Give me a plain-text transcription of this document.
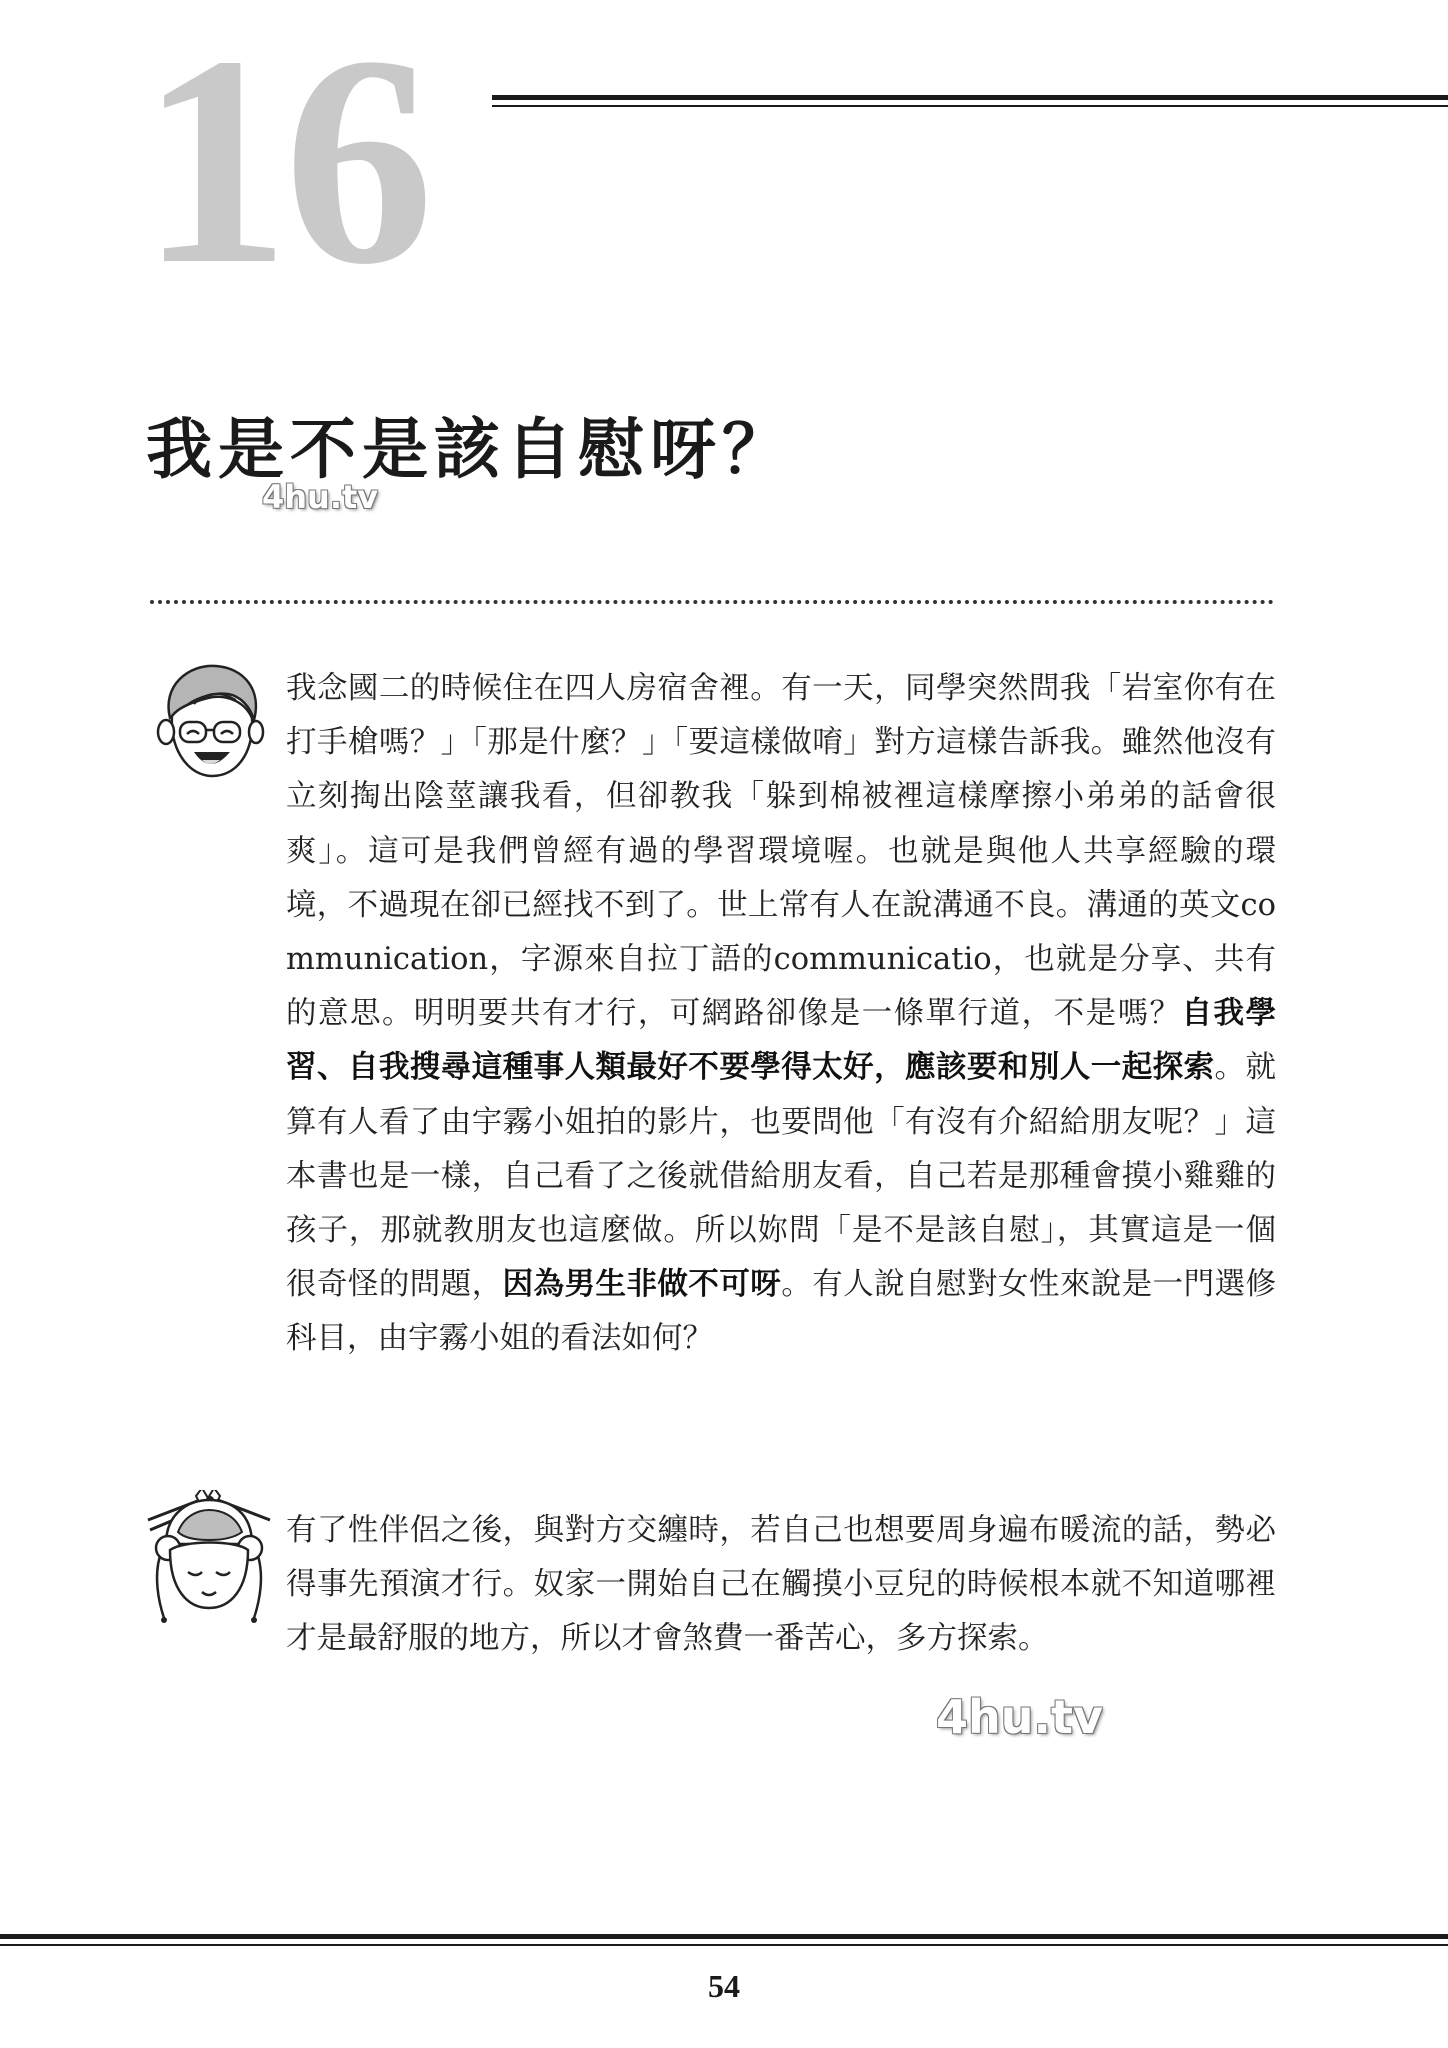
16
我是不是該自慰呀？
4hu.tv
我念國二的時候住在四人房宿舍裡。有一天，同學突然問我「岩室你有在打手槍嗎？」「那是什麼？」「要這樣做唷」對方這樣告訴我。雖然他沒有立刻掏出陰莖讓我看，但卻教我「躲到棉被裡這樣摩擦小弟弟的話會很爽」。這可是我們曾經有過的學習環境喔。也就是與他人共享經驗的環境，不過現在卻已經找不到了。世上常有人在說溝通不良。溝通的英文communication，字源來自拉丁語的communicatio，也就是分享、共有的意思。明明要共有才行，可網路卻像是一條單行道，不是嗎？自我學習、自我搜尋這種事人類最好不要學得太好，應該要和別人一起探索。就算有人看了由宇霧小姐拍的影片，也要問他「有沒有介紹給朋友呢？」這本書也是一樣，自己看了之後就借給朋友看，自己若是那種會摸小雞雞的孩子，那就教朋友也這麼做。所以妳問「是不是該自慰」，其實這是一個很奇怪的問題，因為男生非做不可呀。有人說自慰對女性來說是一門選修科目，由宇霧小姐的看法如何？
有了性伴侶之後，與對方交纏時，若自己也想要周身遍布暖流的話，勢必得事先預演才行。奴家一開始自己在觸摸小豆兒的時候根本就不知道哪裡才是最舒服的地方，所以才會煞費一番苦心，多方探索。
4hu.tv
54
